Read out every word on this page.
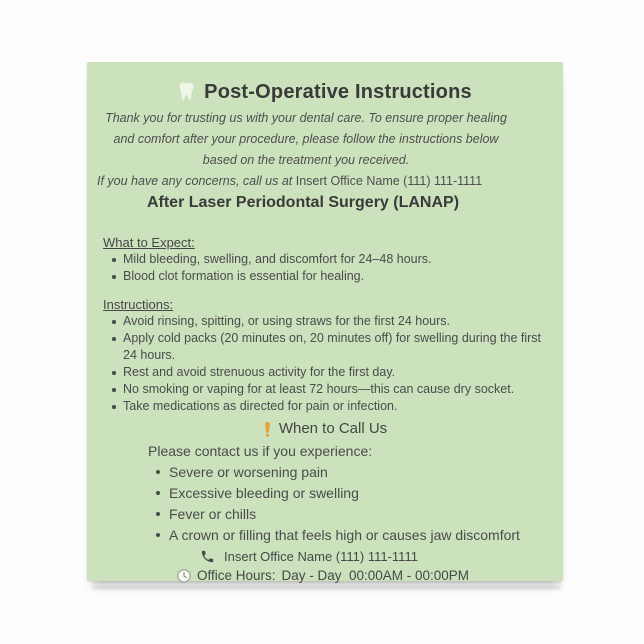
Post-Operative Instructions
Thank you for trusting us with your dental care. To ensure proper healing and comfort after your procedure, please follow the instructions below based on the treatment you received.
If you have any concerns, call us at Insert Office Name (111) 111-1111
After Laser Periodontal Surgery (LANAP)
What to Expect:
Mild bleeding, swelling, and discomfort for 24–48 hours.
Blood clot formation is essential for healing.
Instructions:
Avoid rinsing, spitting, or using straws for the first 24 hours.
Apply cold packs (20 minutes on, 20 minutes off) for swelling during the first 24 hours.
Rest and avoid strenuous activity for the first day.
No smoking or vaping for at least 72 hours—this can cause dry socket.
Take medications as directed for pain or infection.
When to Call Us
Please contact us if you experience:
Severe or worsening pain
Excessive bleeding or swelling
Fever or chills
A crown or filling that feels high or causes jaw discomfort
Insert Office Name (111) 111-1111
Office Hours: Day - Day  00:00AM - 00:00PM
